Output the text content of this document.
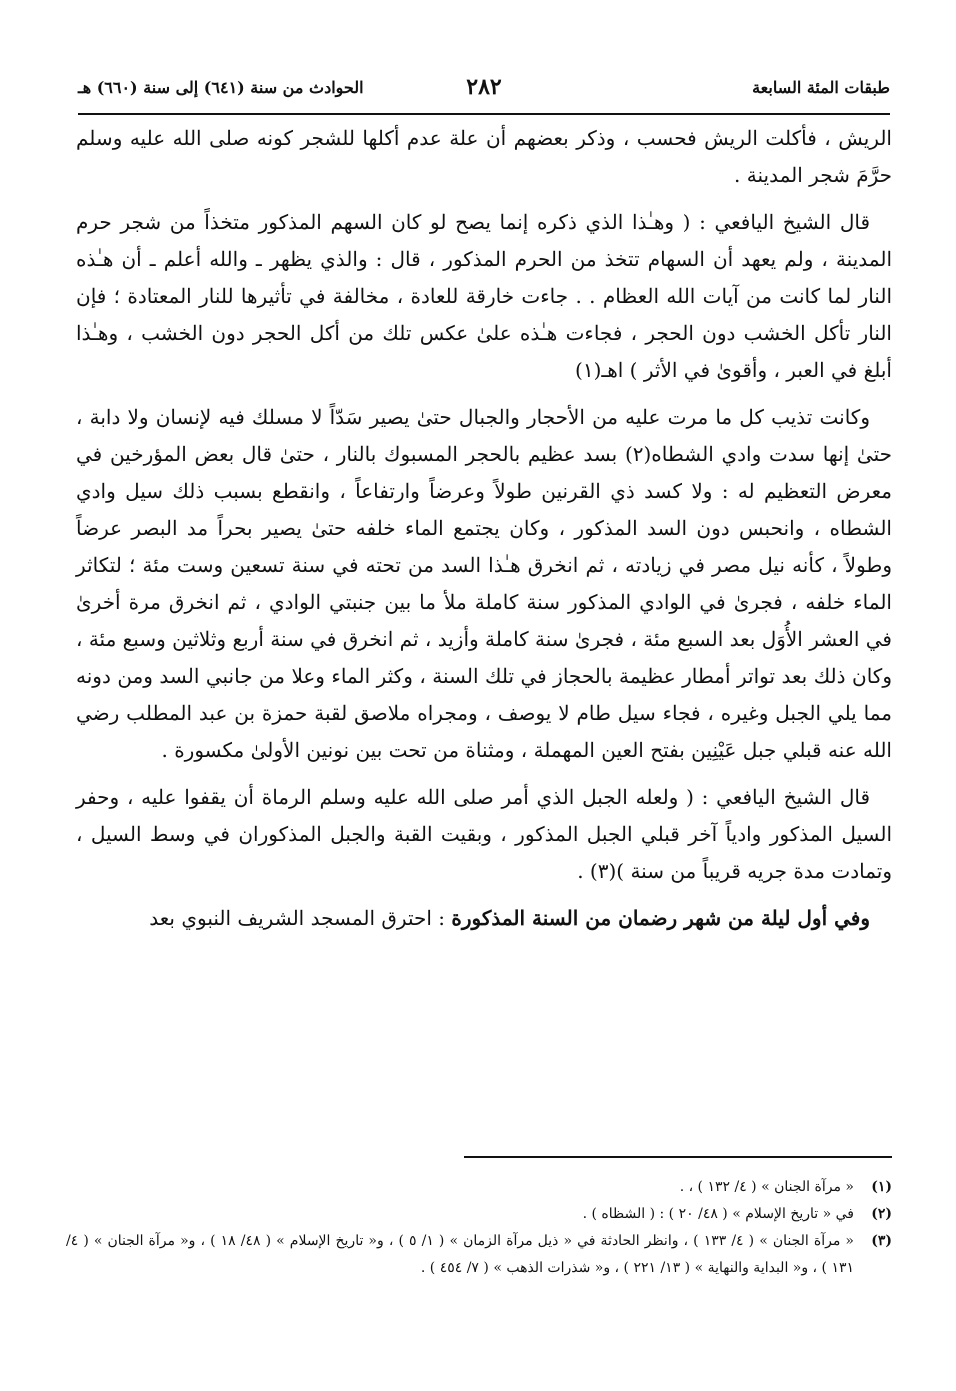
طبقات المئة السابعة
٢٨٢
الحوادث من سنة (٦٤١) إلى سنة (٦٦٠) هـ

الريش ، فأكلت الريش فحسب ، وذكر بعضهم أن علة عدم أكلها للشجر كونه صلى الله عليه وسلم حرَّمَ شجر المدينة .

قال الشيخ اليافعي : ( وهـٰذا الذي ذكره إنما يصح لو كان السهم المذكور متخذاً من شجر حرم المدينة ، ولم يعهد أن السهام تتخذ من الحرم المذكور ، قال : والذي يظهر ـ والله أعلم ـ أن هـٰذه النار لما كانت من آيات الله العظام . . جاءت خارقة للعادة ، مخالفة في تأثيرها للنار المعتادة ؛ فإن النار تأكل الخشب دون الحجر ، فجاءت هـٰذه علىٰ عكس تلك من أكل الحجر دون الخشب ، وهـٰذا أبلغ في العبر ، وأقوىٰ في الأثر ) اهـ(١)

وكانت تذيب كل ما مرت عليه من الأحجار والجبال حتىٰ يصير سَدّاً لا مسلك فيه لإنسان ولا دابة ، حتىٰ إنها سدت وادي الشطاه(٢) بسد عظيم بالحجر المسبوك بالنار ، حتىٰ قال بعض المؤرخين في معرض التعظيم له : ولا كسد ذي القرنين طولاً وعرضاً وارتفاعاً ، وانقطع بسبب ذلك سيل وادي الشطاه ، وانحبس دون السد المذكور ، وكان يجتمع الماء خلفه حتىٰ يصير بحراً مد البصر عرضاً وطولاً ، كأنه نيل مصر في زيادته ، ثم انخرق هـٰذا السد من تحته في سنة تسعين وست مئة ؛ لتكاثر الماء خلفه ، فجرىٰ في الوادي المذكور سنة كاملة ملأ ما بين جنبتي الوادي ، ثم انخرق مرة أخرىٰ في العشر الأُوَل بعد السبع مئة ، فجرىٰ سنة كاملة وأزيد ، ثم انخرق في سنة أربع وثلاثين وسبع مئة ، وكان ذلك بعد تواتر أمطار عظيمة بالحجاز في تلك السنة ، وكثر الماء وعلا من جانبي السد ومن دونه مما يلي الجبل وغيره ، فجاء سيل طام لا يوصف ، ومجراه ملاصق لقبة حمزة بن عبد المطلب رضي الله عنه قبلي جبل عَيْنِين بفتح العين المهملة ، ومثناة من تحت بين نونين الأولىٰ مكسورة .

قال الشيخ اليافعي : ( ولعله الجبل الذي أمر صلى الله عليه وسلم الرماة أن يقفوا عليه ، وحفر السيل المذكور وادياً آخر قبلي الجبل المذكور ، وبقيت القبة والجبل المذكوران في وسط السيل ، وتمادت مدة جريه قريباً من سنة )(٣) .

وفي أول ليلة من شهر رضمان من السنة المذكورة : احترق المسجد الشريف النبوي بعد

(١)
« مرآة الجنان » ( ٤/ ١٣٢ ) ، .
(٢)
في « تاريخ الإسلام » ( ٤٨/ ٢٠ ) : ( الشظاه ) .
(٣)
« مرآة الجنان » ( ٤/ ١٣٣ ) ، وانظر الحادثة في « ذيل مرآة الزمان » ( ١/ ٥ ) ، و« تاريخ الإسلام » ( ٤٨/ ١٨ ) ، و« مرآة الجنان » ( ٤/ ١٣١ ) ، و« البداية والنهاية » ( ١٣/ ٢٢١ ) ، و« شذرات الذهب » ( ٧/ ٤٥٤ ) .
